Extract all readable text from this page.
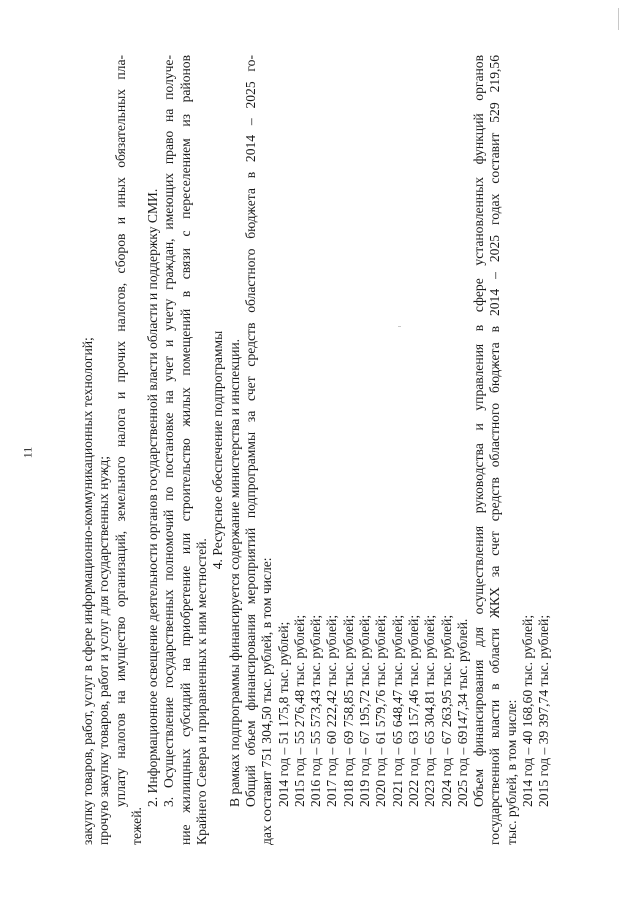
11	закупку товаров, работ, услуг в сфере информационно-коммуникационных технологий; прочую закупку товаров, работ и услуг для государственных нужд; уплату налогов на имущество организаций, земельного налога и прочих налогов, сборов и иных обязательных пла-
тежей.
2. Информационное освещение деятельности органов государственной власти области и поддержку СМИ. 3. Осуществление государственных полномочий по постановке на учет и учету граждан, имеющих право на получе- ние жилищных субсидий на приобретение или строительство жилых помещений в связи с переселением из районов Крайнего Севера и приравненных к ним местностей.
4. Ресурсное обеспечение подпрограммы В рамках подпрограммы финансируется содержание министерства и инспекции. Общий объем финансирования мероприятий подпрограммы за счет средств областного бюджета в 2014 – 2025 го- дах составит 751 304,50 тыс. рублей, в том числе: 2014 год – 51 175,8 тыс. рублей; 2015 год – 55 276,48 тыс. рублей; 2016 год – 55 573,43 тыс. рублей; 2017 год – 60 222,42 тыс. рублей; 2018 год – 69 758,85 тыс. рублей; 2019 год – 67 195,72 тыс. рублей; 2020 год – 61 579,76 тыс. рублей; 2021 год – 65 648,47 тыс. рублей; 2022 год – 63 157,46 тыс. рублей; 2023 год – 65 304,81 тыс. рублей; 2024 год – 67 263,95 тыс. рублей; 2025 год – 69147,34 тыс. рублей. Объем финансирования для осуществления руководства и управления в сфере установленных функций органов государственной власти в области ЖКХ за счет средств областного бюджета в 2014 – 2025 годах составит 529 219,56 тыс. рублей, в том числе: 2014 год – 40 168,60 тыс. рублей; 2015 год – 39 397,74 тыс. рублей;
